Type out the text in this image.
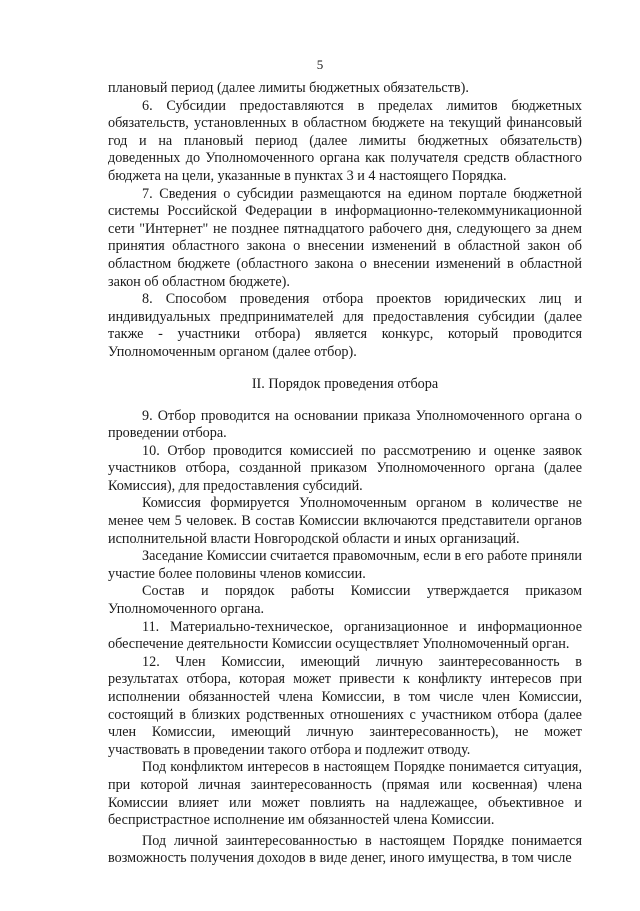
5

плановый период (далее лимиты бюджетных обязательств).

6. Субсидии предоставляются в пределах лимитов бюджетных обязательств, установленных в областном бюджете на текущий финансовый год и на плановый период (далее лимиты бюджетных обязательств) доведенных до Уполномоченного органа как получателя средств областного бюджета на цели, указанные в пунктах 3 и 4 настоящего Порядка.

7. Сведения о субсидии размещаются на едином портале бюджетной системы Российской Федерации в информационно-телекоммуникационной сети "Интернет" не позднее пятнадцатого рабочего дня, следующего за днем принятия областного закона о внесении изменений в областной закон об областном бюджете (областного закона о внесении изменений в областной закон об областном бюджете).

8. Способом проведения отбора проектов юридических лиц и индивидуальных предпринимателей для предоставления субсидии (далее также - участники отбора) является конкурс, который проводится Уполномоченным органом (далее отбор).

II. Порядок проведения отбора

9. Отбор проводится на основании приказа Уполномоченного органа о проведении отбора.

10. Отбор проводится комиссией по рассмотрению и оценке заявок участников отбора, созданной приказом Уполномоченного органа (далее Комиссия), для предоставления субсидий.

Комиссия формируется Уполномоченным органом в количестве не менее чем 5 человек. В состав Комиссии включаются представители органов исполнительной власти Новгородской области и иных организаций.

Заседание Комиссии считается правомочным, если в его работе приняли участие более половины членов комиссии.

Состав и порядок работы Комиссии утверждается приказом Уполномоченного органа.

11. Материально-техническое, организационное и информационное обеспечение деятельности Комиссии осуществляет Уполномоченный орган.

12. Член Комиссии, имеющий личную заинтересованность в результатах отбора, которая может привести к конфликту интересов при исполнении обязанностей члена Комиссии, в том числе член Комиссии, состоящий в близких родственных отношениях с участником отбора (далее член Комиссии, имеющий личную заинтересованность), не может участвовать в проведении такого отбора и подлежит отводу.

Под конфликтом интересов в настоящем Порядке понимается ситуация, при которой личная заинтересованность (прямая или косвенная) члена Комиссии влияет или может повлиять на надлежащее, объективное и беспристрастное исполнение им обязанностей члена Комиссии.

Под личной заинтересованностью в настоящем Порядке понимается возможность получения доходов в виде денег, иного имущества, в том числе
